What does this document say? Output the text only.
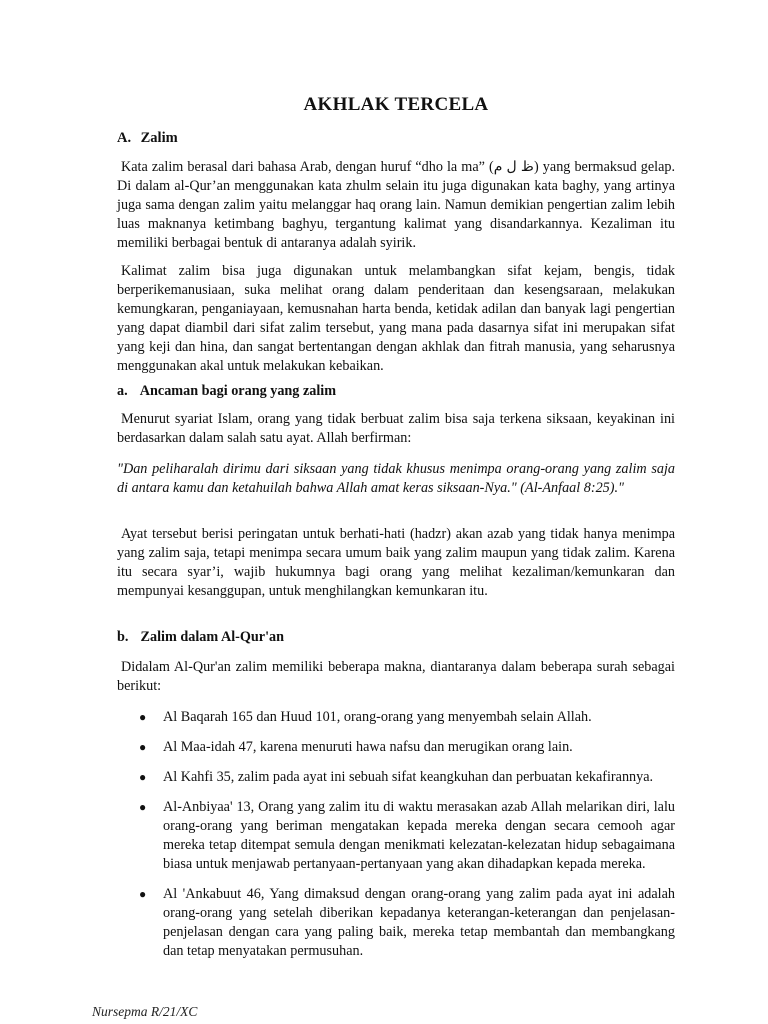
AKHLAK TERCELA
A. Zalim
Kata zalim berasal dari bahasa Arab, dengan huruf “dho la ma” (ظ ل م) yang bermaksud gelap. Di dalam al-Qur’an menggunakan kata zhulm selain itu juga digunakan kata baghy, yang artinya juga sama dengan zalim yaitu melanggar haq orang lain. Namun demikian pengertian zalim lebih luas maknanya ketimbang baghyu, tergantung kalimat yang disandarkannya. Kezaliman itu memiliki berbagai bentuk di antaranya adalah syirik.
Kalimat zalim bisa juga digunakan untuk melambangkan sifat kejam, bengis, tidak berperikemanusiaan, suka melihat orang dalam penderitaan dan kesengsaraan, melakukan kemungkaran, penganiayaan, kemusnahan harta benda, ketidak adilan dan banyak lagi pengertian yang dapat diambil dari sifat zalim tersebut, yang mana pada dasarnya sifat ini merupakan sifat yang keji dan hina, dan sangat bertentangan dengan akhlak dan fitrah manusia, yang seharusnya menggunakan akal untuk melakukan kebaikan.
a. Ancaman bagi orang yang zalim
Menurut syariat Islam, orang yang tidak berbuat zalim bisa saja terkena siksaan, keyakinan ini berdasarkan dalam salah satu ayat. Allah berfirman:
"Dan peliharalah dirimu dari siksaan yang tidak khusus menimpa orang-orang yang zalim saja di antara kamu dan ketahuilah bahwa Allah amat keras siksaan-Nya." (Al-Anfaal 8:25)."
Ayat tersebut berisi peringatan untuk berhati-hati (hadzr) akan azab yang tidak hanya menimpa yang zalim saja, tetapi menimpa secara umum baik yang zalim maupun yang tidak zalim. Karena itu secara syar’i, wajib hukumnya bagi orang yang melihat kezaliman/kemunkaran dan mempunyai kesanggupan, untuk menghilangkan kemunkaran itu.
b. Zalim dalam Al-Qur'an
Didalam Al-Qur'an zalim memiliki beberapa makna, diantaranya dalam beberapa surah sebagai berikut:
● Al Baqarah 165 dan Huud 101, orang-orang yang menyembah selain Allah.
● Al Maa-idah 47, karena menuruti hawa nafsu dan merugikan orang lain.
● Al Kahfi 35, zalim pada ayat ini sebuah sifat keangkuhan dan perbuatan kekafirannya.
● Al-Anbiyaa' 13, Orang yang zalim itu di waktu merasakan azab Allah melarikan diri, lalu orang-orang yang beriman mengatakan kepada mereka dengan secara cemooh agar mereka tetap ditempat semula dengan menikmati kelezatan-kelezatan hidup sebagaimana biasa untuk menjawab pertanyaan-pertanyaan yang akan dihadapkan kepada mereka.
● Al 'Ankabuut 46, Yang dimaksud dengan orang-orang yang zalim pada ayat ini adalah orang-orang yang setelah diberikan kepadanya keterangan-keterangan dan penjelasan-penjelasan dengan cara yang paling baik, mereka tetap membantah dan membangkang dan tetap menyatakan permusuhan.
Nursepma R/21/XC
